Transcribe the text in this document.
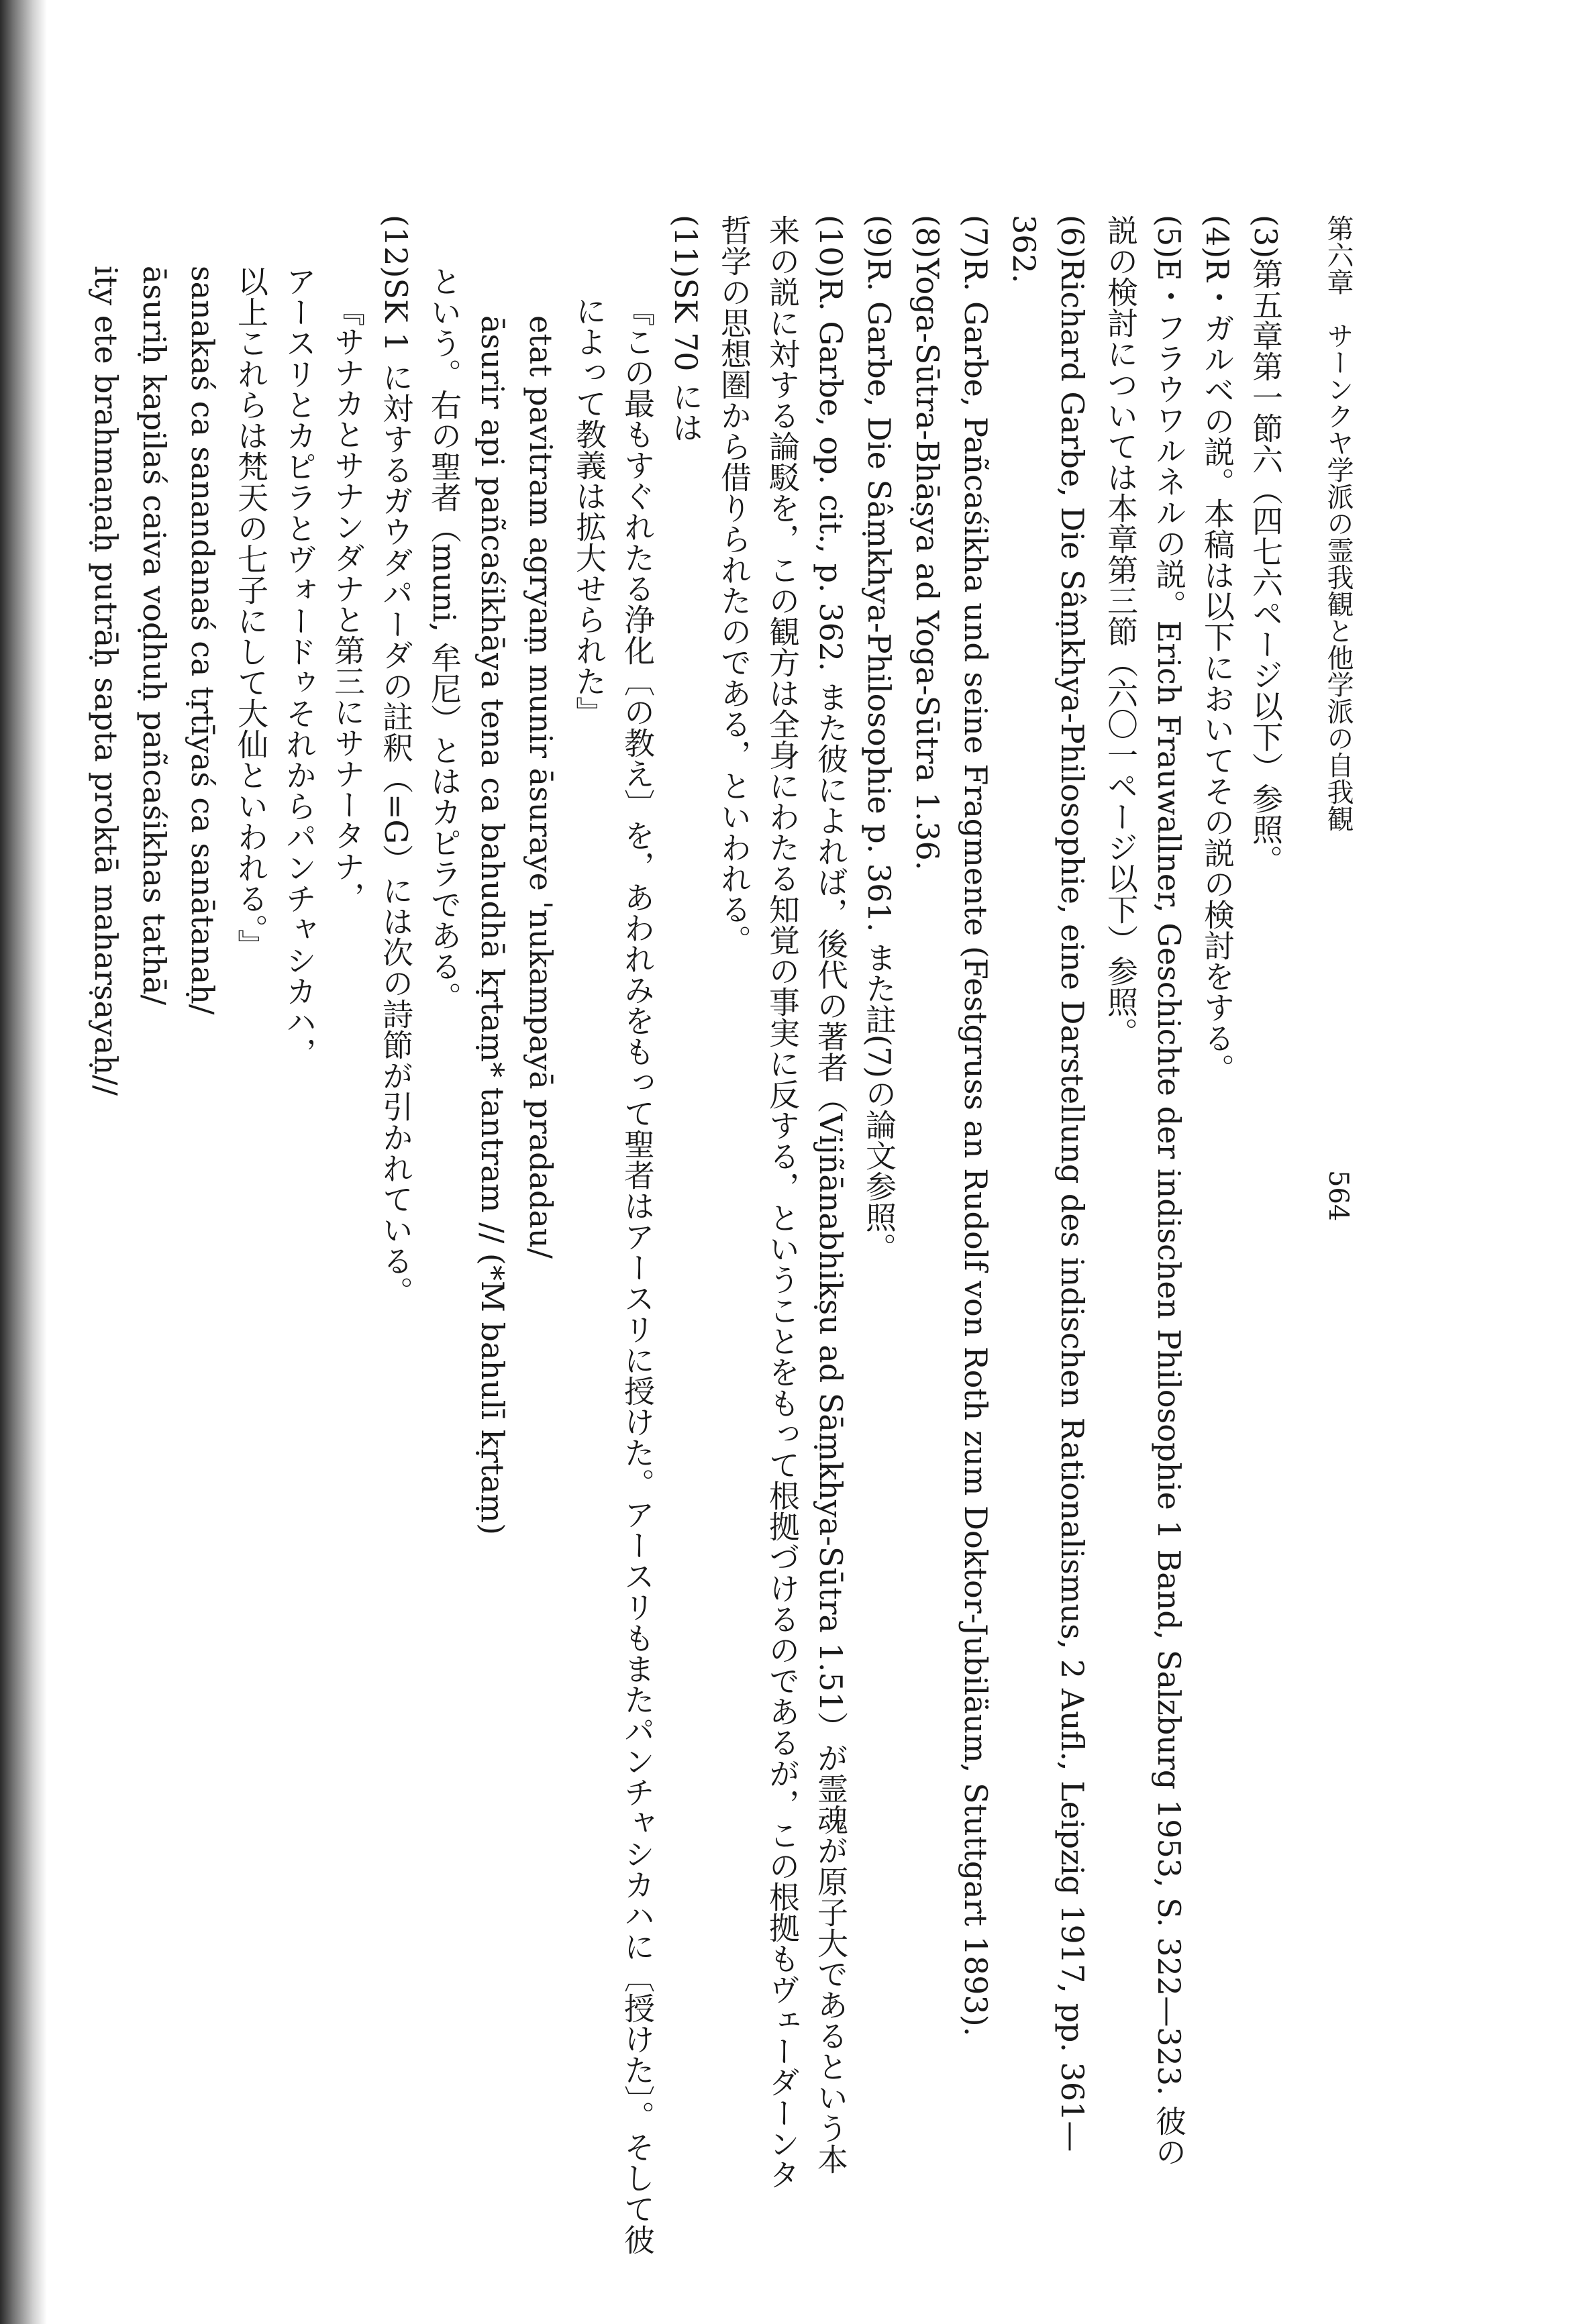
第六章　サーンクヤ学派の霊我観と他学派の自我観
564

(3)第五章第一節六（四七六ページ以下）参照。

(4)R・ガルベの説。本稿は以下においてその説の検討をする。

(5)E・フラウワルネルの説。Erich Frauwallner, Geschichte der indischen Philosophie 1 Band, Salzburg 1953, S. 322—323. 彼の説の検討については本章第三節（六〇一ページ以下）参照。

(6)Richard Garbe, Die Sâṃkhya-Philosophie, eine Darstellung des indischen Rationalismus, 2 Aufl., Leipzig 1917, pp. 361—362.

(7)R. Garbe, Pañcaśikha und seine Fragmente (Festgruss an Rudolf von Roth zum Doktor-Jubiläum, Stuttgart 1893).

(8)Yoga-Sūtra-Bhāṣya ad Yoga-Sūtra 1.36.

(9)R. Garbe, Die Sâṃkhya-Philosophie p. 361. また註(7)の論文参照。

(10)R. Garbe, op. cit., p. 362. また彼によれば，後代の著者（Vijñānabhikṣu ad Sāṃkhya-Sūtra 1.51）が霊魂が原子大であるという本来の説に対する論駁を，この観方は全身にわたる知覚の事実に反する，ということをもって根拠づけるのであるが，この根拠もヴェーダーンタ哲学の思想圏から借りられたのである，といわれる。

(11)SK 70 には

『この最もすぐれたる浄化〔の教え〕を，あわれみをもって聖者はアースリに授けた。アースリもまたパンチャシカハに〔授けた〕。そして彼によって教義は拡大せられた』

etat pavitram agryaṃ munir āsuraye 'nukampayā pradadau/

āsurir api pañcaśikhāya tena ca bahudhā kṛtaṃ* tantram // (*M bahulī kṛtaṃ)

という。右の聖者（muni, 牟尼）とはカピラである。

(12)SK 1 に対するガウダパーダの註釈（=G）には次の詩節が引かれている。

『サナカとサナンダナと第三にサナータナ，

アースリとカピラとヴォードゥそれからパンチャシカハ，

以上これらは梵天の七子にして大仙といわれる。』

sanakaś ca sanandanaś ca tṛtīyaś ca sanātanaḥ/

āsuriḥ kapilaś caiva voḍhuḥ pañcaśikhas tathā/

ity ete brahmaṇaḥ putrāḥ sapta proktā maharṣayaḥ//
